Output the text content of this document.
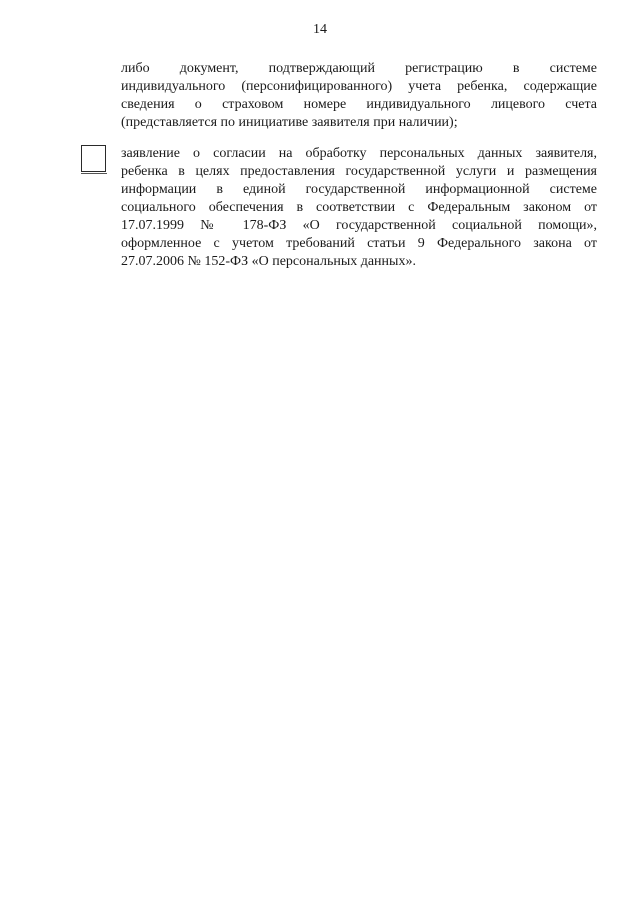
14
либо документ, подтверждающий регистрацию в системе
индивидуального (персонифицированного) учета ребенка, содержащие
сведения о страховом номере индивидуального лицевого счета
(представляется по инициативе заявителя при наличии);
заявление о согласии на обработку персональных данных заявителя,
ребенка в целях предоставления государственной услуги и размещения
информации в единой государственной информационной системе
социального обеспечения в соответствии с Федеральным законом от
17.07.1999 № 178-ФЗ «О государственной социальной помощи»,
оформленное с учетом требований статьи 9 Федерального закона от
27.07.2006 № 152-ФЗ «О персональных данных».
